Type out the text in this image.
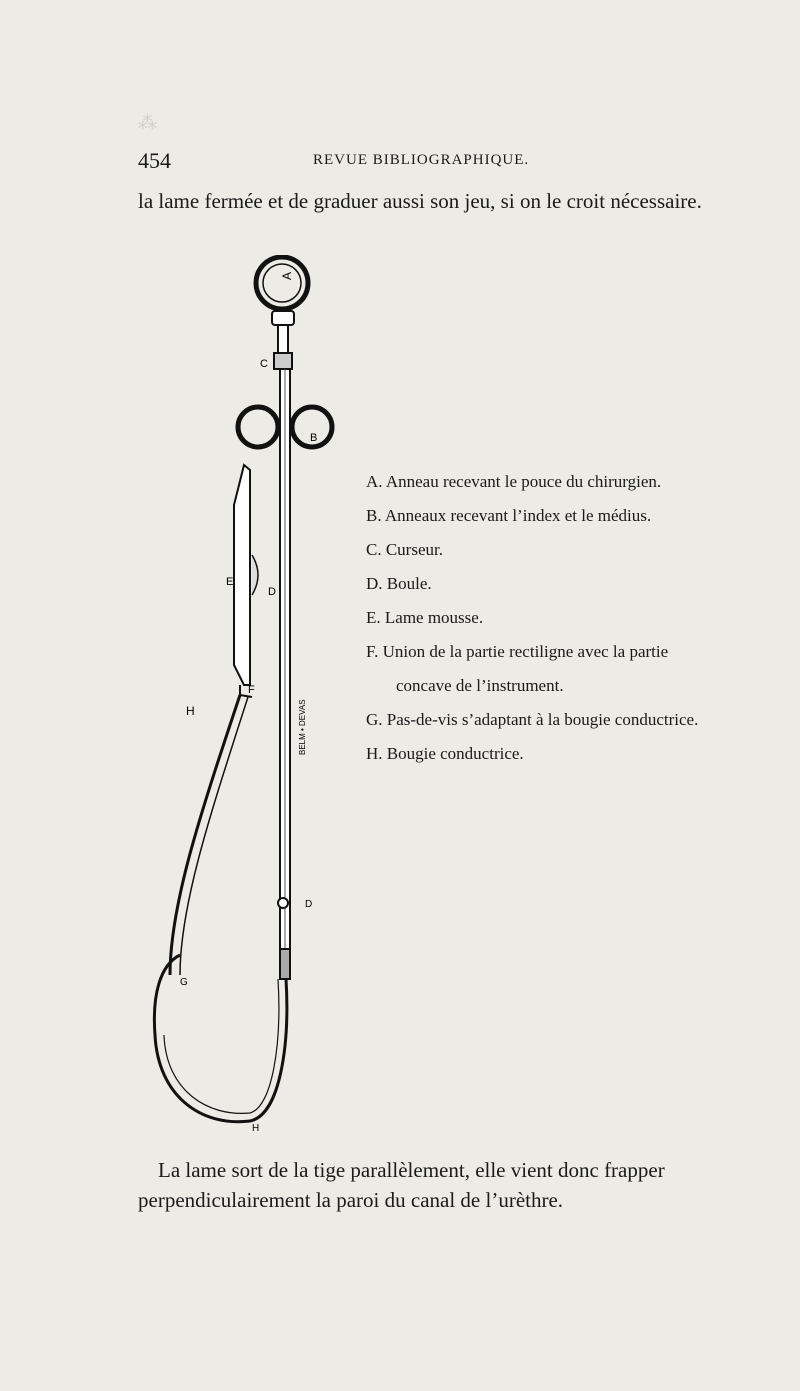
⁂
454	REVUE BIBLIOGRAPHIQUE.

la lame fermée et de graduer aussi son jeu, si on le croit nécessaire.

A
C
B
E
D
F
H	BELM • DEVAS
D
G
H
A. Anneau recevant le pouce du chirurgien.
B. Anneaux recevant l’index et le médius.
C. Curseur.
D. Boule.
E. Lame mousse.
F. Union de la partie rectiligne avec la partie concave de l’instrument.
G. Pas-de-vis s’adaptant à la bougie conductrice.
H. Bougie conductrice.

La lame sort de la tige parallèlement, elle vient donc frapper perpendiculairement la paroi du canal de l’urèthre.
